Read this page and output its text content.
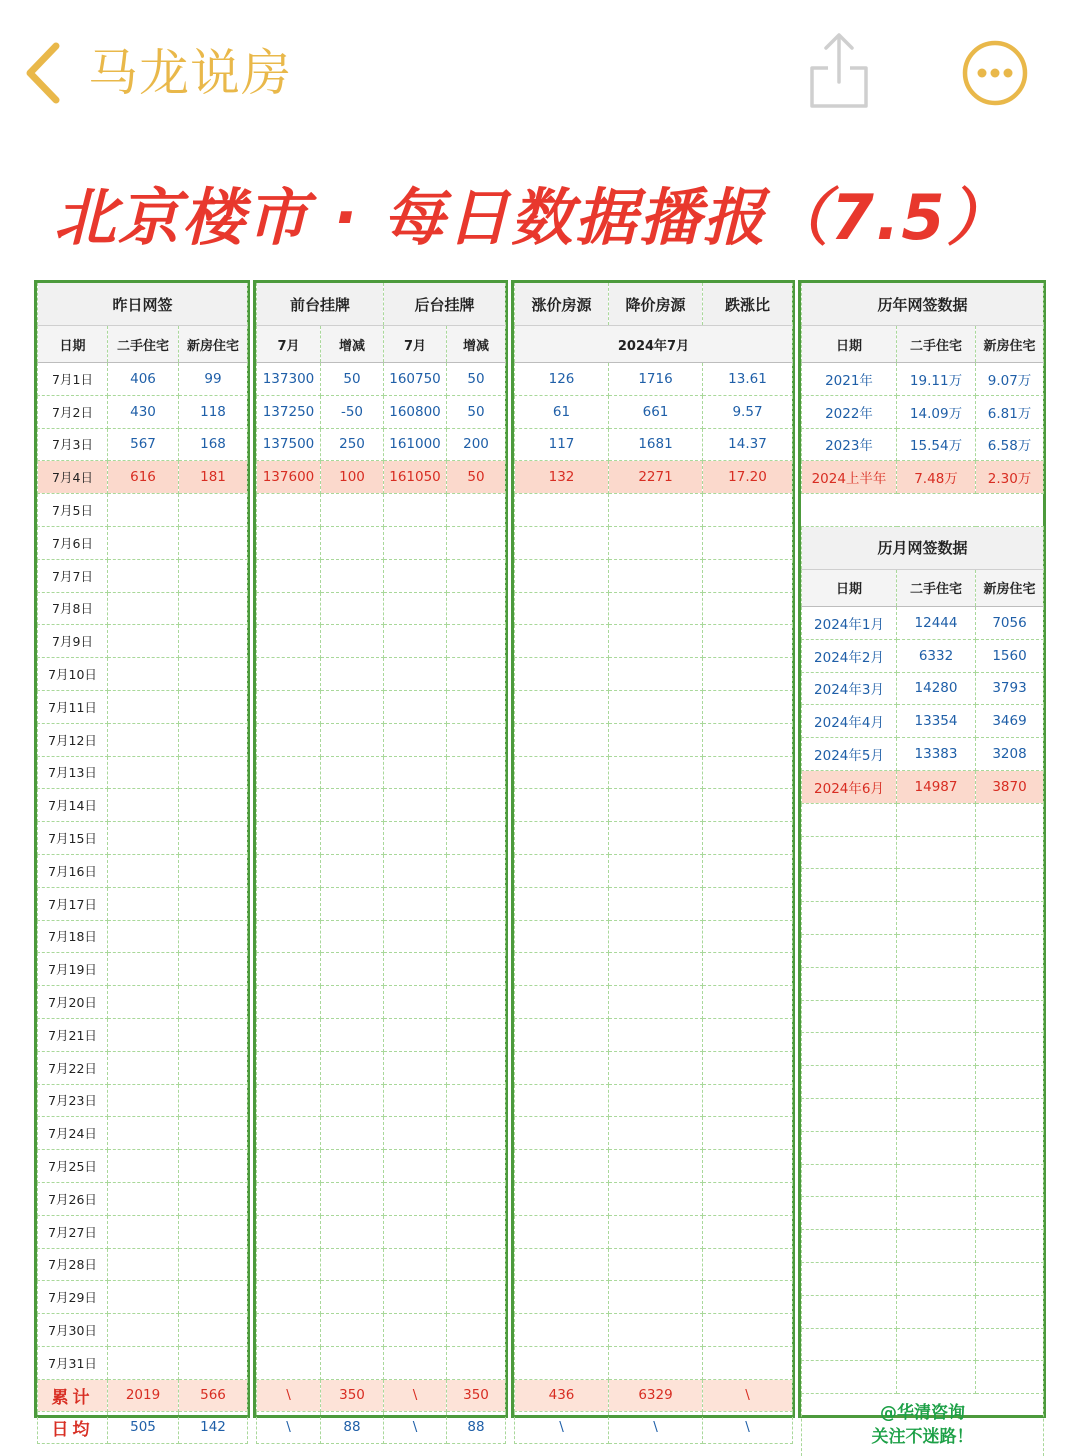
马龙说房
北京楼市 · 每日数据播报（7.5）
昨日网签		
日期	二手住宅	新房住宅
7月1日	406	99
7月2日	430	118
7月3日	567	168
7月4日	616	181
7月5日		
7月6日		
7月7日		
7月8日		
7月9日		
7月10日		
7月11日		
7月12日		
7月13日		
7月14日		
7月15日		
7月16日		
7月17日		
7月18日		
7月19日		
7月20日		
7月21日		
7月22日		
7月23日		
7月24日		
7月25日		
7月26日		
7月27日		
7月28日		
7月29日		
7月30日		
7月31日		
累计	2019	566
日均	505	142
前台挂牌		后台挂牌	
7月	增减	7月	增减
137300	50	160750	50
137250	-50	160800	50
137500	250	161000	200
137600	100	161050	50

\	350	\	350
\	88	\	88
涨价房源	降价房源	跌涨比
2024年7月		
126	1716	13.61
61	661	9.57
117	1681	14.37
132	2271	17.20

436	6329	\
\	\	\
历年网签数据		
日期	二手住宅	新房住宅
2021年	19.11万	9.07万
2022年	14.09万	6.81万
2023年	15.54万	6.58万
2024上半年	7.48万	2.30万

历月网签数据		
日期	二手住宅	新房住宅
2024年1月	12444	7056
2024年2月	6332	1560
2024年3月	14280	3793
2024年4月	13354	3469
2024年5月	13383	3208
2024年6月	14987	3870

@华清咨询
关注不迷路！		
